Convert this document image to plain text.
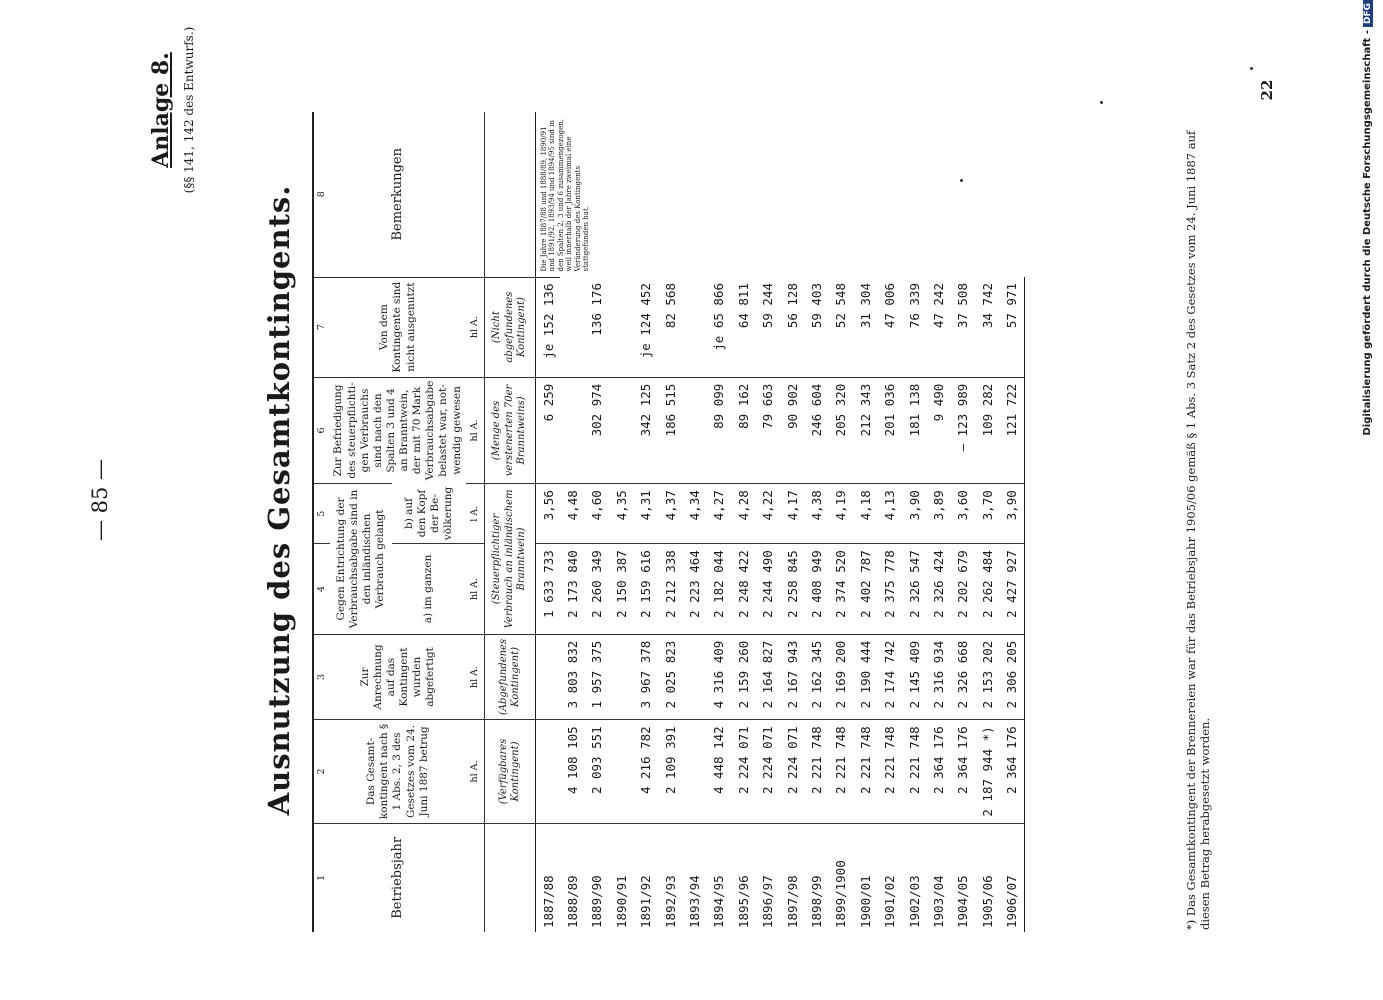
— 85 —
Anlage 8. (§§ 141, 142 des Entwurfs.)
Ausnutzung des Gesamtkontingents.
1	2	3	4	5	6	7	8
Betriebsjahr	Das Gesamt-kontingent nach § 1 Abs. 2, 3 des Gesetzes vom 24. Juni 1887 betrug	Zur Anrechnung auf das Kontingent wurden abgefertigt	Gegen Entrichtung der Verbrauchsabgabe sind in den inländischen Verbrauch gelangt		Zur Befriedigung des steuerpflichti-gen Verbrauchs sind nach den Spalten 3 und 4 an Branntwein, der mit 70 Mark Verbrauchsabgabe belastet war, not-wendig gewesen	Von dem Kontingente sind nicht ausgenutzt	Bemerkungen
			a) im ganzen	b) auf den Kopf der Be-völkerung			
	hl A.	hl A.	hl A.	l A.	hl A.	hl A.	
	(Verfügbares Kontingent)	(Abgefundenes Kontingent)	(Steuerpflichtiger Verbrauch an inländischem Branntwein)		(Menge des verstenerten 70er Branntweins)	(Nicht abgefundenes Kontingent)	
1887/88			1 633 733	3,56	6 259	je 152 136	Die Jahre 1887/88 und 1888/89, 1890/91 und 1891/92, 1893/94 und 1894/95 sind in den Spalten 2, 3 und 6 zusammengezogen, weil innerhalb der Jahre zweimal eine Veränderung des Kontingents stattgefunden hat.
1888/89	4 108 105	3 803 832	2 173 840	4,48			
1889/90	2 093 551	1 957 375	2 260 349	4,60	302 974	136 176	
1890/91			2 150 387	4,35			
1891/92	4 216 782	3 967 378	2 159 616	4,31	342 125	je 124 452	
1892/93	2 109 391	2 025 823	2 212 338	4,37	186 515	82 568	
1893/94			2 223 464	4,34			
1894/95	4 448 142	4 316 409	2 182 044	4,27	89 099	je 65 866	
1895/96	2 224 071	2 159 260	2 248 422	4,28	89 162	64 811	
1896/97	2 224 071	2 164 827	2 244 490	4,22	79 663	59 244	
1897/98	2 224 071	2 167 943	2 258 845	4,17	90 902	56 128	
1898/99	2 221 748	2 162 345	2 408 949	4,38	246 604	59 403	
1899/1900	2 221 748	2 169 200	2 374 520	4,19	205 320	52 548	
1900/01	2 221 748	2 190 444	2 402 787	4,18	212 343	31 304	
1901/02	2 221 748	2 174 742	2 375 778	4,13	201 036	47 006	
1902/03	2 221 748	2 145 409	2 326 547	3,90	181 138	76 339	
1903/04	2 364 176	2 316 934	2 326 424	3,89	9 490	47 242	
1904/05	2 364 176	2 326 668	2 202 679	3,60	— 123 989	37 508	
1905/06	2 187 944 *)	2 153 202	2 262 484	3,70	109 282	34 742	
1906/07	2 364 176	2 306 205	2 427 927	3,90	121 722	57 971		*) Das Gesamtkontingent der Brennereien war für das Betriebsjahr 1905/06 gemäß § 1 Abs. 3 Satz 2 des Gesetzes vom 24. Juni 1887 auf diesen Betrag herabgesetzt worden.
22	Digitalisierung gefördert durch die Deutsche Forschungsgemeinschaft -DFG
